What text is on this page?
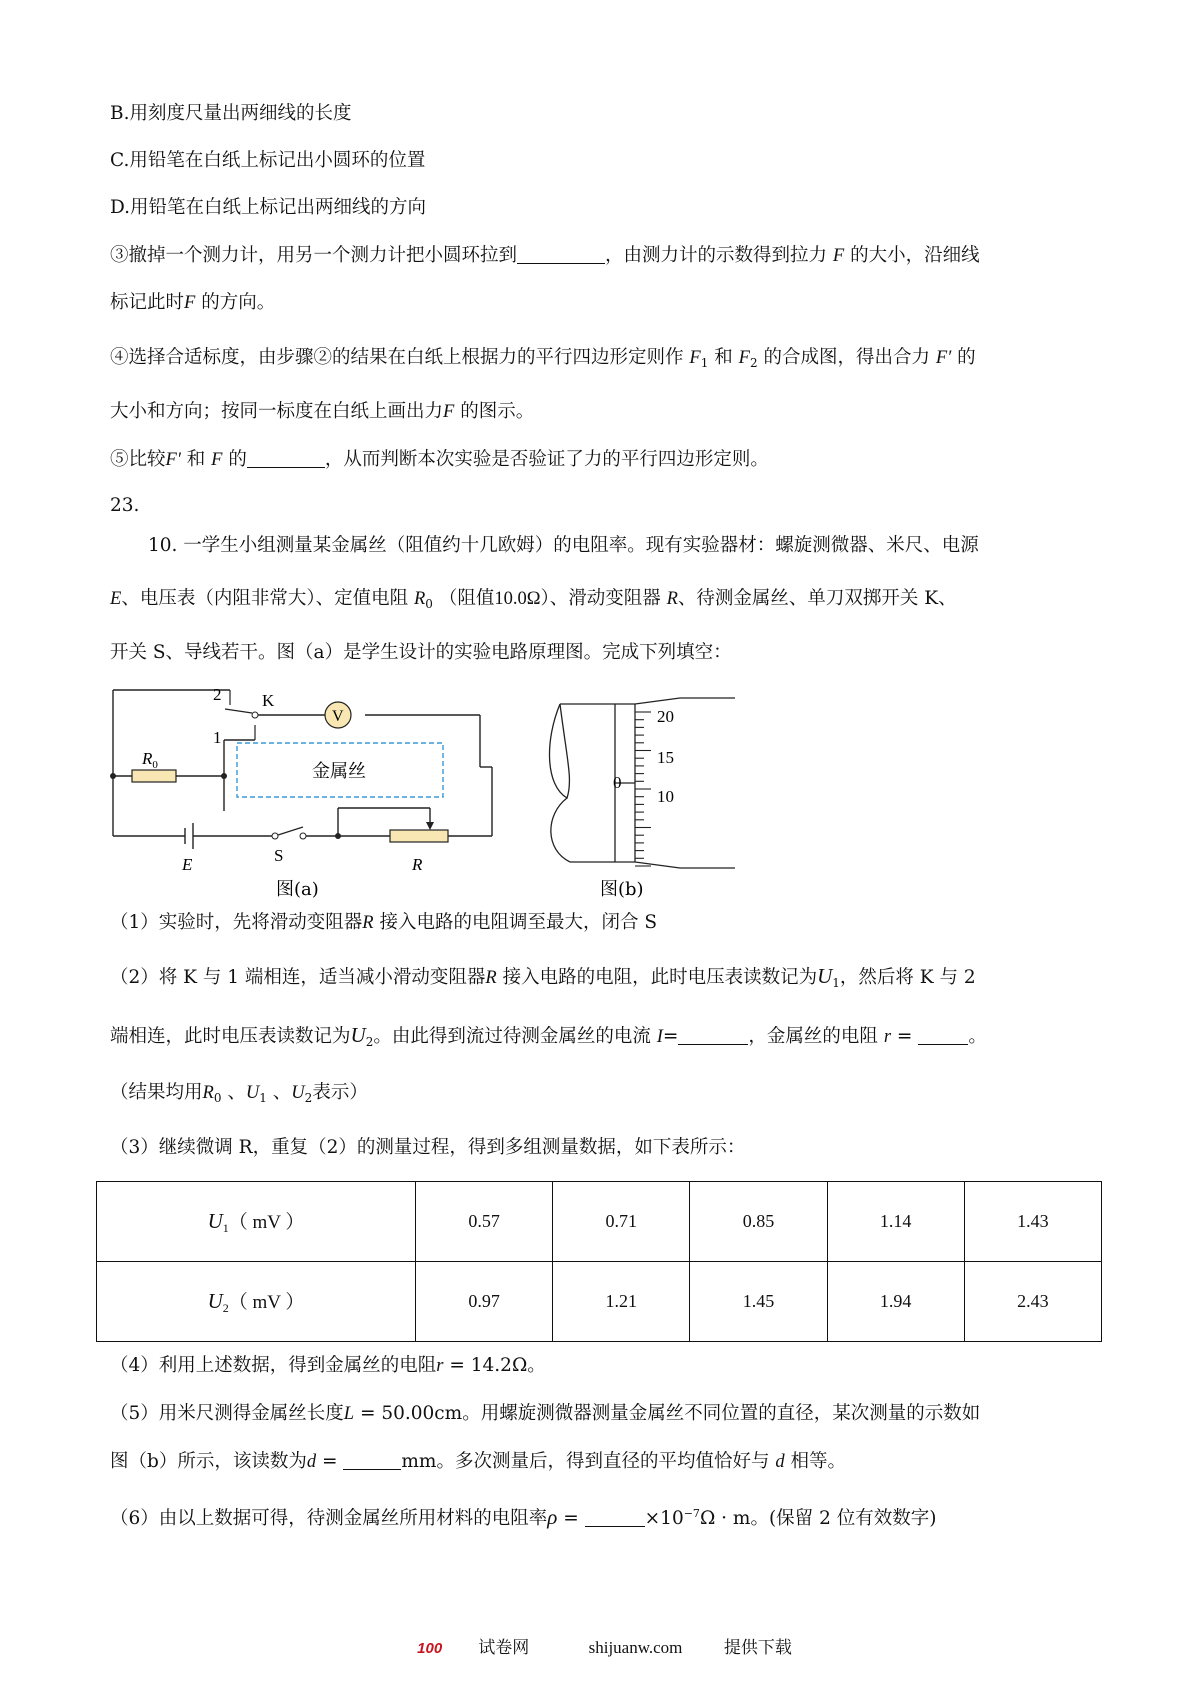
B.用刻度尺量出两细线的长度
C.用铅笔在白纸上标记出小圆环的位置
D.用铅笔在白纸上标记出两细线的方向
③撤掉一个测力计，用另一个测力计把小圆环拉到	，由测力计的示数得到拉力 F 的大小，沿细线
标记此时F 的方向。
④选择合适标度，由步骤②的结果在白纸上根据力的平行四边形定则作 $F_1$ 和 $F_2$ 的合成图，得出合力 F′ 的
大小和方向；按同一标度在白纸上画出力F 的图示。
⑤比较F′ 和 F 的	，从而判断本次实验是否验证了力的平行四边形定则。
23.
10. 一学生小组测量某金属丝（阻值约十几欧姆）的电阻率。现有实验器材：螺旋测微器、米尺、电源
E、电压表（内阻非常大）、定值电阻 $R_0$ （阻值10.0Ω）、滑动变阻器 R、待测金属丝、单刀双掷开关 K、
开关 S、导线若干。图（a）是学生设计的实验电路原理图。完成下列填空：
2 K
V
1
$R_0$	金属丝
E	S	R
图(a)
20
15
10
0
图(b)
（1）实验时，先将滑动变阻器R 接入电路的电阻调至最大，闭合 S
（2）将 K 与 1 端相连，适当减小滑动变阻器R 接入电路的电阻，此时电压表读数记为$U_1$，然后将 K 与 2
端相连，此时电压表读数记为$U_2$。由此得到流过待测金属丝的电流 I=	，金属丝的电阻 r =	。
（结果均用$R_0$ 、$U_1$ 、$U_2$表示）
（3）继续微调 R，重复（2）的测量过程，得到多组测量数据，如下表所示：
$U_1$（ mV ）	0.57	0.71	0.85	1.14	1.43
$U_2$（ mV ）	0.97	1.21	1.45	1.94	2.43
（4）利用上述数据，得到金属丝的电阻r = 14.2Ω。
（5）用米尺测得金属丝长度L = 50.00cm。用螺旋测微器测量金属丝不同位置的直径，某次测量的示数如
图（b）所示，该读数为d =	mm。多次测量后，得到直径的平均值恰好与 d 相等。
（6）由以上数据可得，待测金属丝所用材料的电阻率ρ =	$\times 10^{-7}\Omega \cdot m$。(保留 2 位有效数字)
100 试卷网	shijuanw.com 提供下载
